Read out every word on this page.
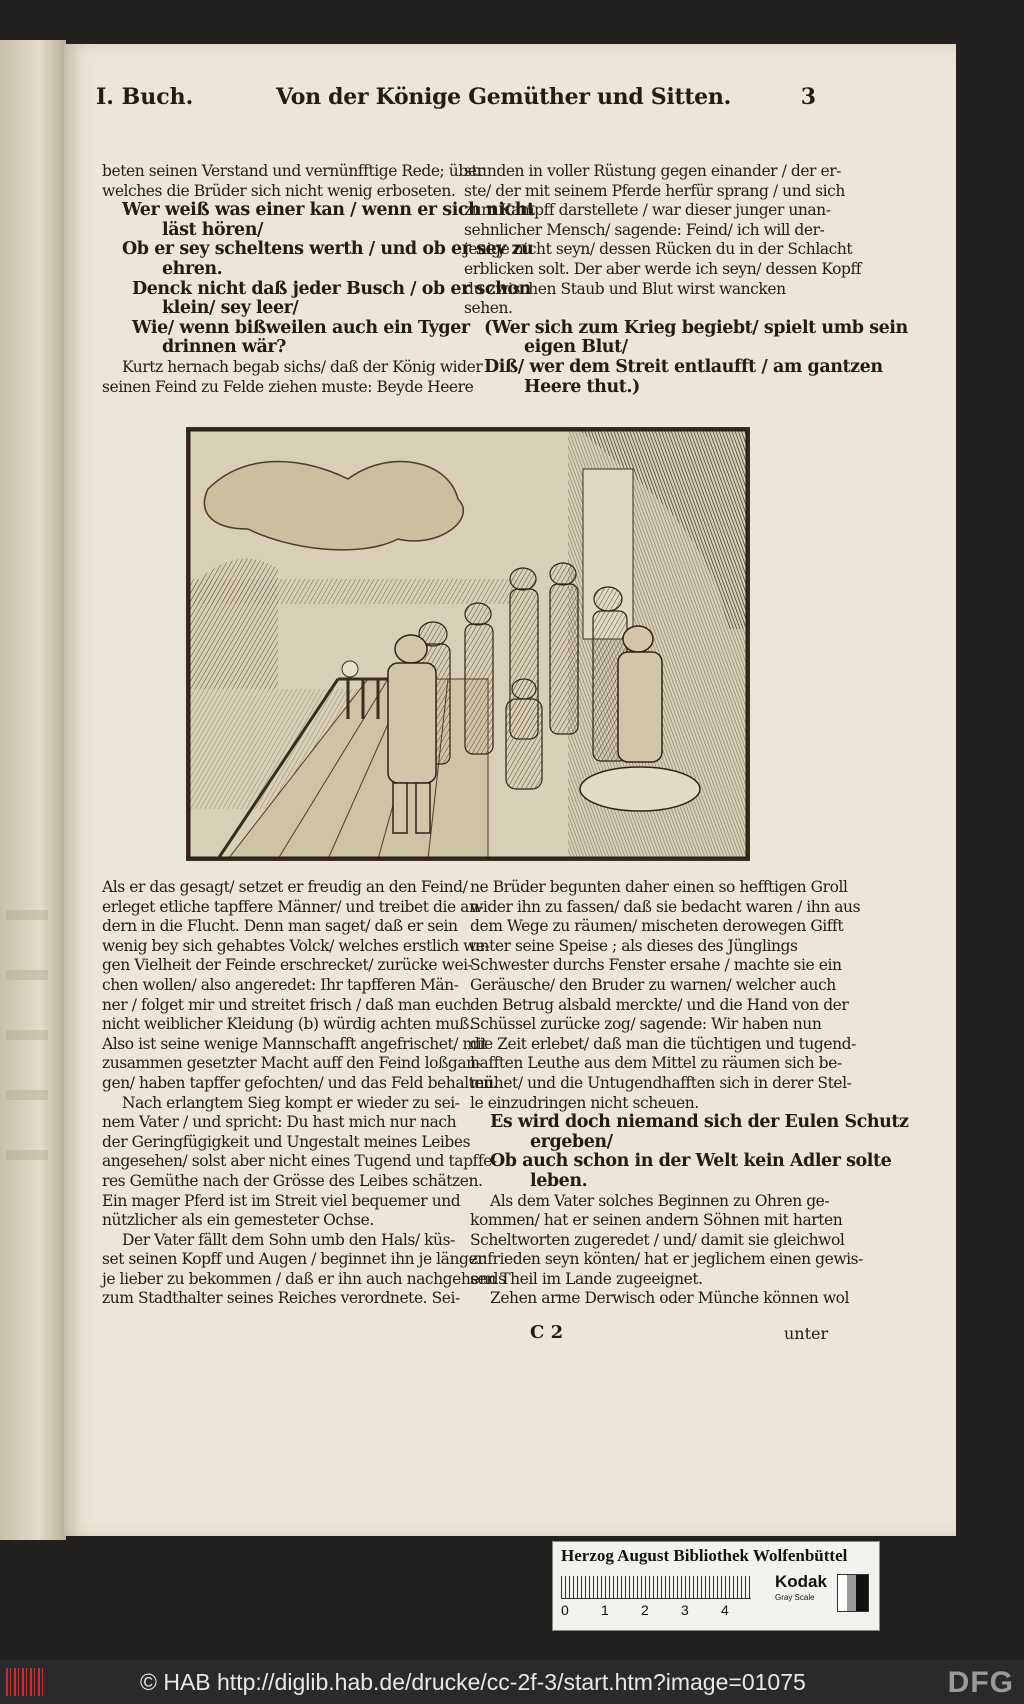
I. Buch.	Von der Könige Gemüther und Sitten.	3

beten seinen Verstand und vernünfftige Rede; über

welches die Brüder sich nicht wenig erboseten.

Wer weiß was einer kan / wenn er sich nicht

läst hören/

Ob er sey scheltens werth / und ob er sey zu

ehren.

Denck nicht daß jeder Busch / ob er schon

klein/ sey leer/

Wie/ wenn bißweilen auch ein Tyger

drinnen wär?

Kurtz hernach begab sichs/ daß der König wider

seinen Feind zu Felde ziehen muste: Beyde Heere

stunden in voller Rüstung gegen einander / der er-

ste/ der mit seinem Pferde herfür sprang / und sich

zum Kampff darstellete / war dieser junger unan-

sehnlicher Mensch/ sagende: Feind/ ich will der-

jenige nicht seyn/ dessen Rücken du in der Schlacht

erblicken solt. Der aber werde ich seyn/ dessen Kopff

du zwischen Staub und Blut wirst wancken

sehen.

(Wer sich zum Krieg begiebt/ spielt umb sein

eigen Blut/

Diß/ wer dem Streit entlaufft / am gantzen

Heere thut.)

Als er das gesagt/ setzet er freudig an den Feind/

erleget etliche tapffere Männer/ und treibet die an-

dern in die Flucht. Denn man saget/ daß er sein

wenig bey sich gehabtes Volck/ welches erstlich we-

gen Vielheit der Feinde erschrecket/ zurücke wei-

chen wollen/ also angeredet: Ihr tapfferen Män-

ner / folget mir und streitet frisch / daß man euch

nicht weiblicher Kleidung (b) würdig achten muß.

Also ist seine wenige Mannschafft angefrischet/ mit

zusammen gesetzter Macht auff den Feind loßgan-

gen/ haben tapffer gefochten/ und das Feld behalten.

Nach erlangtem Sieg kompt er wieder zu sei-

nem Vater / und spricht: Du hast mich nur nach

der Geringfügigkeit und Ungestalt meines Leibes

angesehen/ solst aber nicht eines Tugend und tapffe-

res Gemüthe nach der Grösse des Leibes schätzen.

Ein mager Pferd ist im Streit viel bequemer und

nützlicher als ein gemesteter Ochse.

Der Vater fällt dem Sohn umb den Hals/ küs-

set seinen Kopff und Augen / beginnet ihn je länger

je lieber zu bekommen / daß er ihn auch nachgehends

zum Stadthalter seines Reiches verordnete. Sei-

ne Brüder begunten daher einen so hefftigen Groll

wider ihn zu fassen/ daß sie bedacht waren / ihn aus

dem Wege zu räumen/ mischeten derowegen Gifft

unter seine Speise ; als dieses des Jünglings

Schwester durchs Fenster ersahe / machte sie ein

Geräusche/ den Bruder zu warnen/ welcher auch

den Betrug alsbald merckte/ und die Hand von der

Schüssel zurücke zog/ sagende: Wir haben nun

die Zeit erlebet/ daß man die tüchtigen und tugend-

hafften Leuthe aus dem Mittel zu räumen sich be-

mühet/ und die Untugendhafften sich in derer Stel-

le einzudringen nicht scheuen.

Es wird doch niemand sich der Eulen Schutz

ergeben/

Ob auch schon in der Welt kein Adler solte

leben.

Als dem Vater solches Beginnen zu Ohren ge-

kommen/ hat er seinen andern Söhnen mit harten

Scheltworten zugeredet / und/ damit sie gleichwol

zufrieden seyn könten/ hat er jeglichem einen gewis-

sen Theil im Lande zugeeignet.

Zehen arme Derwisch oder Münche können wol

C 2	unter
Herzog August Bibliothek Wolfenbüttel
0 1 2 3 4
Kodak
Gray Scale
© HAB http://diglib.hab.de/drucke/cc-2f-3/start.htm?image=01075	DFG
